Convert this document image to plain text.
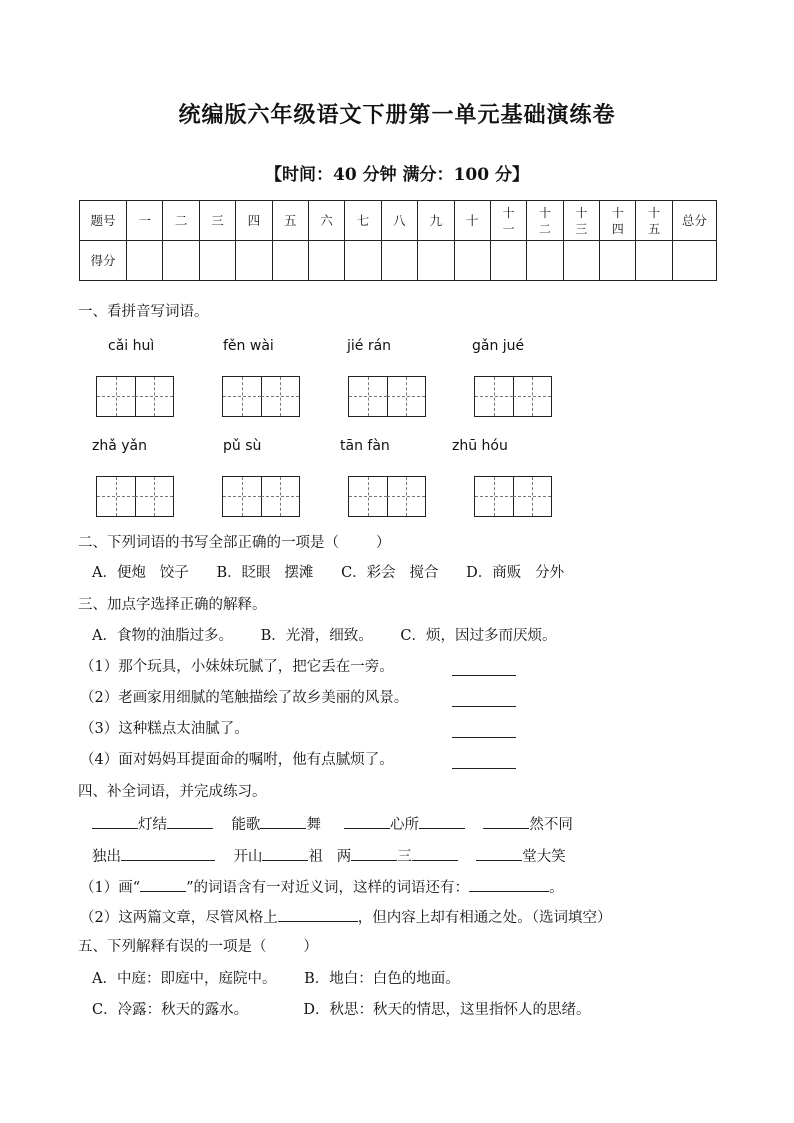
统编版六年级语文下册第一单元基础演练卷
【时间：40 分钟 满分：100 分】
题号	一	二	三	四	五	六	七	八	九	十	十一	十二	十三	十四	十五	总分
得分																
一、看拼音写词语。
cǎi huì	fěn wài	jié rán	gǎn jué
zhǎ yǎn	pǔ sù	tān fàn	zhū hóu
二、下列词语的书写全部正确的一项是（        ）
A．便炮   饺子      B．眨眼   摆滩      C．彩会   搅合      D．商贩   分外
三、加点字选择正确的解释。
A．食物的油脂过多。      B．光滑，细致。      C．烦，因过多而厌烦。
（1）那个玩具，小妹妹玩腻了，把它丢在一旁。
（2）老画家用细腻的笔触描绘了故乡美丽的风景。
（3）这种糕点太油腻了。
（4）面对妈妈耳提面命的嘱咐，他有点腻烦了。
四、补全词语，并完成练习。
灯结	能歌	舞	心所	然不同
独出	开山	祖 两	三	堂大笑
（1）画“	”的词语含有一对近义词，这样的词语还有：	。
（2）这两篇文章，尽管风格上	，但内容上却有相通之处。（选词填空）
五、下列解释有误的一项是（        ）
A．中庭：即庭中，庭院中。      B．地白：白色的地面。
C．冷露：秋天的露水。            D．秋思：秋天的情思，这里指怀人的思绪。
